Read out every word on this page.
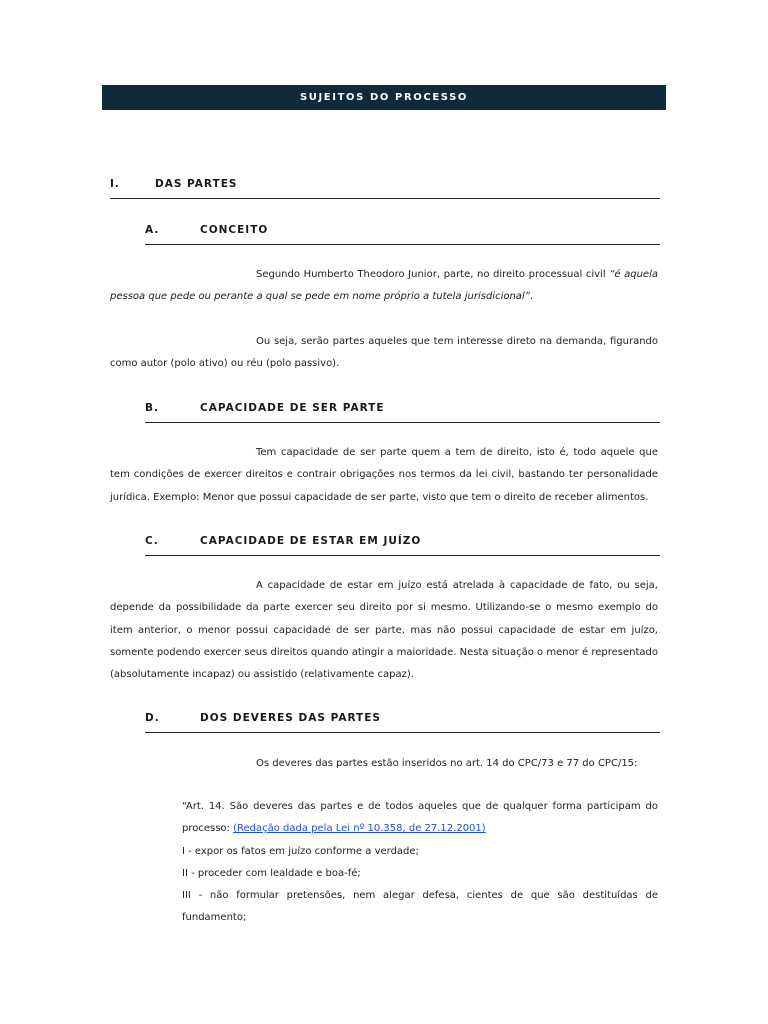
SUJEITOS DO PROCESSO
I.	DAS PARTES
A.	CONCEITO

Segundo Humberto Theodoro Junior, parte, no direito processual civil “é aquela pessoa que pede ou perante a qual se pede em nome próprio a tutela jurisdicional”.

Ou seja, serão partes aqueles que tem interesse direto na demanda, figurando como autor (polo ativo) ou réu (polo passivo).

B.	CAPACIDADE DE SER PARTE

Tem capacidade de ser parte quem a tem de direito, isto é, todo aquele que tem condições de exercer direitos e contrair obrigações nos termos da lei civil, bastando ter personalidade jurídica. Exemplo: Menor que possui capacidade de ser parte, visto que tem o direito de receber alimentos.

C.	CAPACIDADE DE ESTAR EM JUÍZO

A capacidade de estar em juízo está atrelada à capacidade de fato, ou seja, depende da possibilidade da parte exercer seu direito por si mesmo. Utilizando-se o mesmo exemplo do item anterior, o menor possui capacidade de ser parte, mas não possui capacidade de estar em juízo, somente podendo exercer seus direitos quando atingir a maioridade. Nesta situação o menor é representado (absolutamente incapaz) ou assistido (relativamente capaz).

D.	DOS DEVERES DAS PARTES

Os deveres das partes estão inseridos no art. 14 do CPC/73 e 77 do CPC/15:

“Art. 14. São deveres das partes e de todos aqueles que de qualquer forma participam do processo: (Redação dada pela Lei nº 10.358, de 27.12.2001)

I - expor os fatos em juízo conforme a verdade;

II - proceder com lealdade e boa-fé;

III - não formular pretensões, nem alegar defesa, cientes de que são destituídas de fundamento;
